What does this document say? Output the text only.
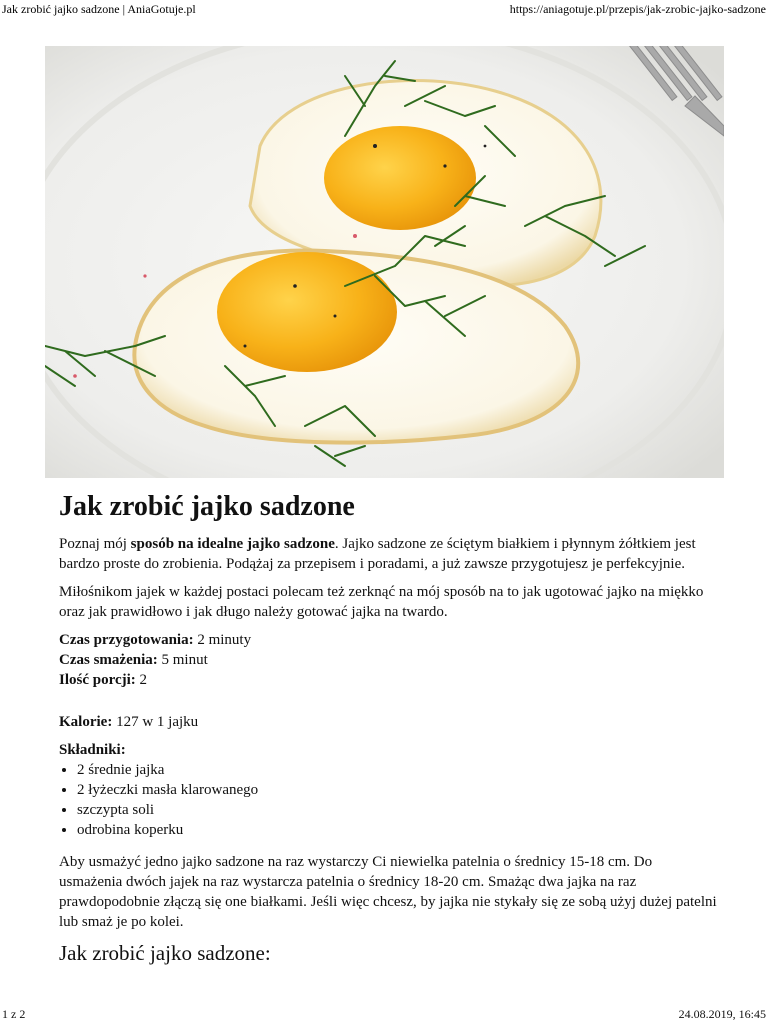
Jak zrobić jajko sadzone | AniaGotuje.pl	https://aniagotuje.pl/przepis/jak-zrobic-jajko-sadzone
Jak zrobić jajko sadzone

Poznaj mój sposób na idealne jajko sadzone. Jajko sadzone ze ściętym białkiem i płynnym żółtkiem jest bardzo proste do zrobienia. Podążaj za przepisem i poradami, a już zawsze przygotujesz je perfekcyjnie.

Miłośnikom jajek w każdej postaci polecam też zerknąć na mój sposób na to jak ugotować jajko na miękko oraz jak prawidłowo i jak długo należy gotować jajka na twardo.

Czas przygotowania: 2 minuty
Czas smażenia: 5 minut
Ilość porcji: 2
Kalorie: 127 w 1 jajku
Składniki:
• 2 średnie jajka
• 2 łyżeczki masła klarowanego
• szczypta soli
• odrobina koperku

Aby usmażyć jedno jajko sadzone na raz wystarczy Ci niewielka patelnia o średnicy 15-18 cm. Do usmażenia dwóch jajek na raz wystarcza patelnia o średnicy 18-20 cm. Smażąc dwa jajka na raz prawdopodobnie złączą się one białkami. Jeśli więc chcesz, by jajka nie stykały się ze sobą użyj dużej patelni lub smaż je po kolei.

Jak zrobić jajko sadzone:
1 z 2	24.08.2019, 16:45
